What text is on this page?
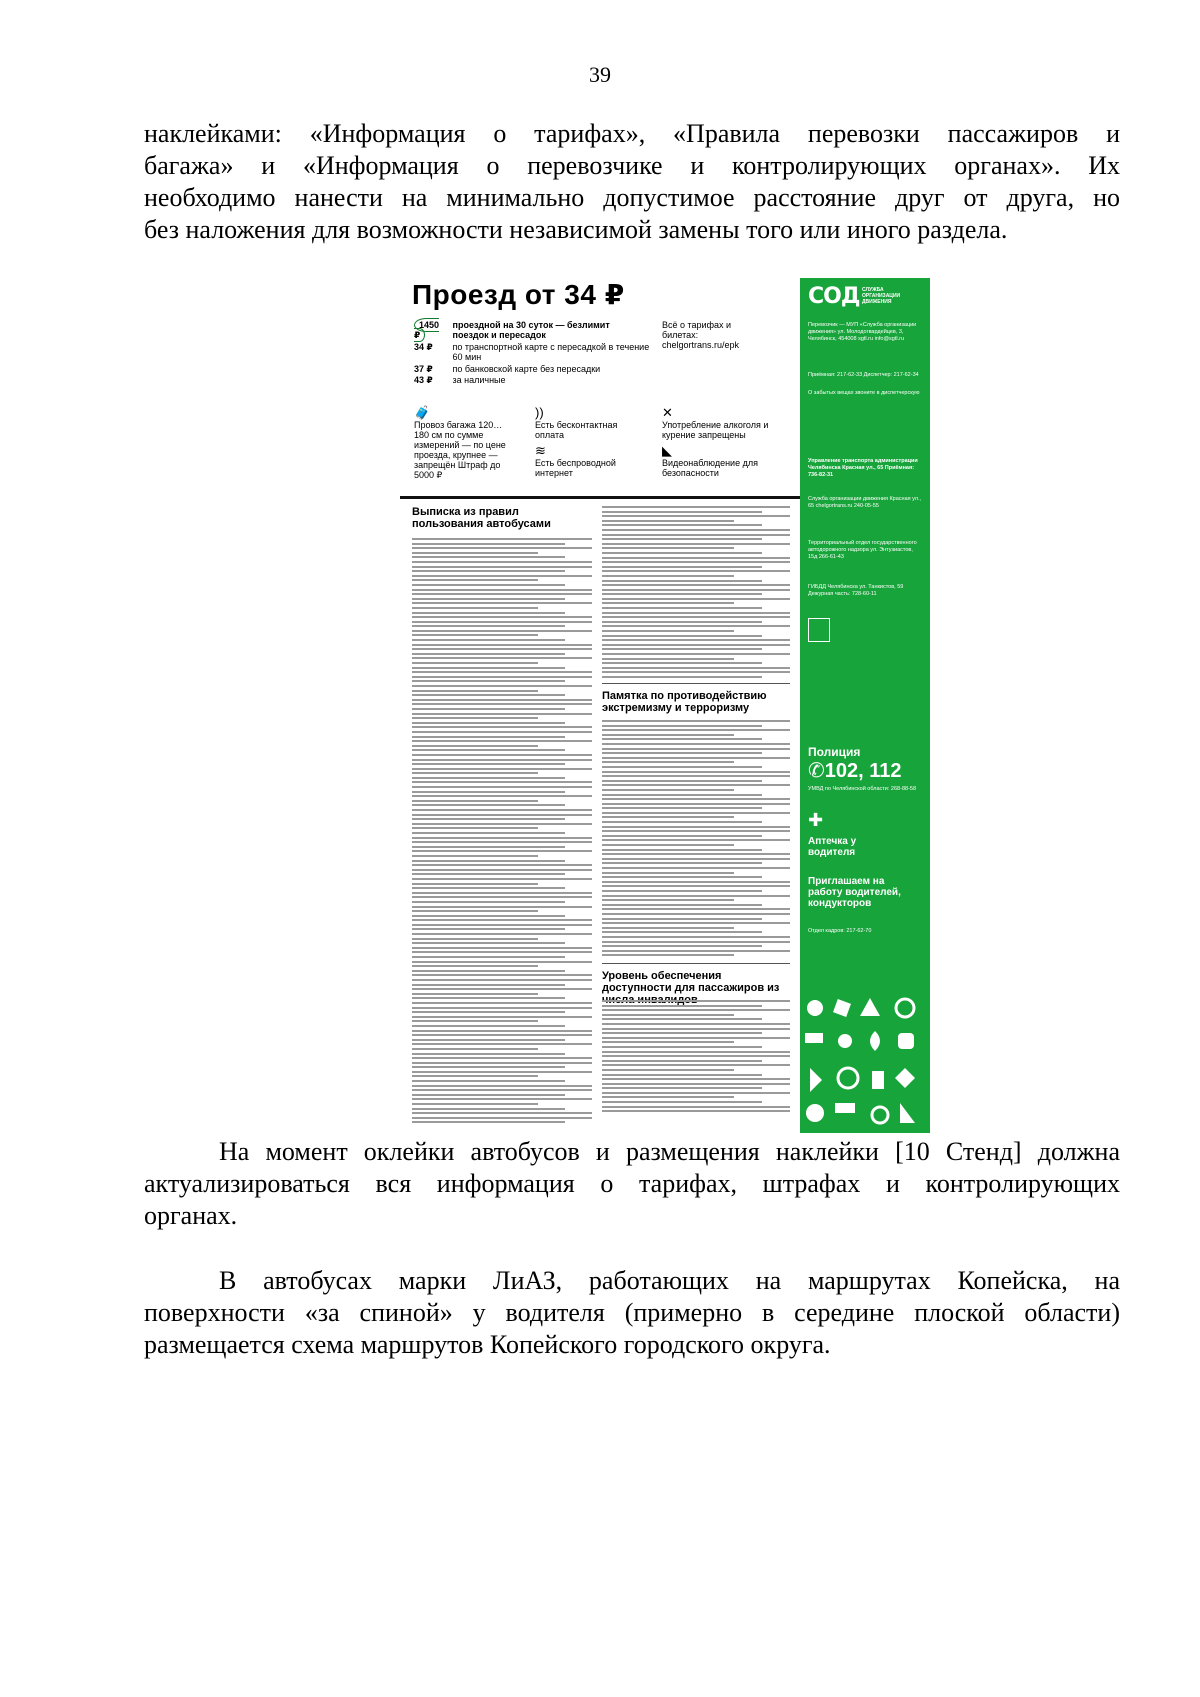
39
наклейками: «Информация о тарифах», «Правила перевозки пассажиров и
багажа» и «Информация о перевозчике и контролирующих органах». Их
необходимо нанести на минимально допустимое расстояние друг от друга, но
без наложения для возможности независимой замены того или иного раздела.
Проезд от 34 ₽
1450 ₽ проездной на 30 суток — безлимит поездок и пересадок
34 ₽ по транспортной карте с пересадкой в течение 60 мин
37 ₽ по банковской карте без пересадки
43 ₽ за наличные
Всё о тарифах и билетах: chelgortrans.ru/epk
🧳
Провоз багажа 120…180 см по сумме измерений — по цене проезда, крупнее — запрещён Штраф до 5000 ₽
))
Есть бесконтактная оплата
≋
Есть беспроводной интернет
✕
Употребление алкоголя и курение запрещены
◣
Видеонаблюдение для безопасности
Выписка из правил пользования автобусами
Памятка по противодействию экстремизму и терроризму
Уровень обеспечения доступности для пассажиров из
СОД СЛУЖБА ОРГАНИЗАЦИИ ДВИЖЕНИЯ
Перевозчик — МУП «Служба организации движения» ул. Молодогвардейцев, 3, Челябинск, 454008 sgtl.ru info@sgtl.ru
Приёмная: 217-62-33 Диспетчер: 217-62-34
О забытых вещах звоните в диспетчерскую
Управление транспорта администрации Челябинска Красная ул., 65 Приёмная: 736-82-31
Служба организации движения Красная ул., 65 chelgortrans.ru 240-05-55
Территориальный отдел государственного автодорожного надзора ул. Энтузиастов, 15д 266-61-43
ГИБДД Челябинска ул. Танкистов, 59 Дежурная часть: 728-60-11
Полиция
✆102, 112
УМВД по Челябинской области: 268-88-58
✚
Аптечка у водителя
Приглашаем на работу водителей, кондукторов
Отдел кадров: 217-62-70
На момент оклейки автобусов и размещения наклейки [10 Стенд] должна
актуализироваться вся информация о тарифах, штрафах и контролирующих
органах.
В автобусах марки ЛиАЗ, работающих на маршрутах Копейска, на
поверхности «за спиной» у водителя (примерно в середине плоской области)
размещается схема маршрутов Копейского городского округа.
